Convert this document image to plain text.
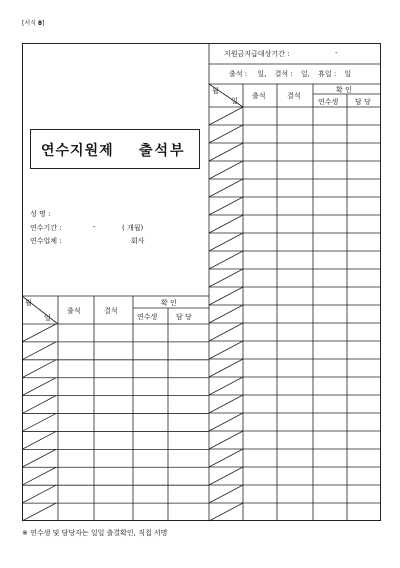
[서식 8]
지원금지급대상기간 :	-
출석 : 일, 결석 : 일, 휴일 : 일
월
일
출석	결석
확 인
연수생 담 당
연수지원제 출석부
성 명 :
연수기간 :	-	( 개월)
연수업체 :	회사
월
일
출석	결석
확 인
연수생	담 당
※ 연수생 및 담당자는 일일 출결확인, 직접 서명
